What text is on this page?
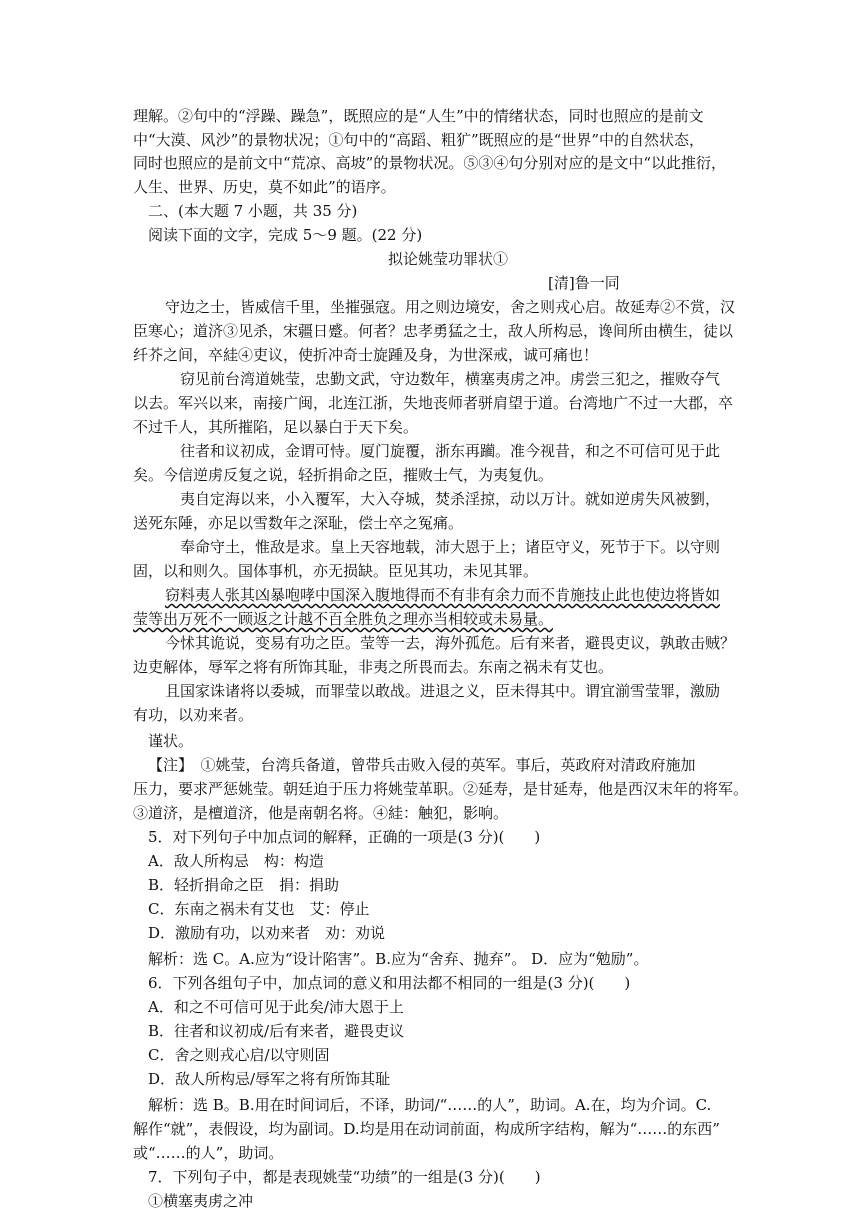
拟论姚莹功罪状①
[清]鲁一同
理解。②句中的“浮躁、躁急”，既照应的是“人生”中的情绪状态，同时也照应的是前文
中“大漠、风沙”的景物状况；①句中的“高蹈、粗犷”既照应的是“世界”中的自然状态，
同时也照应的是前文中“荒凉、高坡”的景物状况。⑤③④句分别对应的是文中“以此推衍，
人生、世界、历史，莫不如此”的语序。
二、(本大题 7 小题，共 35 分)
阅读下面的文字，完成 5～9 题。(22 分)
守边之士，皆威信千里，坐摧强寇。用之则边境安，舍之则戎心启。故延寿②不赏，汉
臣寒心；道济③见杀，宋疆日蹙。何者？忠孝勇猛之士，敌人所构忌，谗间所由横生，徒以
纤芥之间，卒絓④吏议，使折冲奇士旋踵及身，为世深戒，诚可痛也！
窃见前台湾道姚莹，忠勤文武，守边数年，横塞夷虏之冲。虏尝三犯之，摧败夺气
以去。军兴以来，南接广闽，北连江浙，失地丧师者骈肩望于道。台湾地广不过一大郡，卒
不过千人，其所摧陷，足以暴白于天下矣。
往者和议初成，金谓可恃。厦门旋覆，浙东再躏。准今视昔，和之不可信可见于此
矣。今信逆虏反复之说，轻折捐命之臣，摧败士气，为夷复仇。
夷自定海以来，小入覆军，大入夺城，焚杀淫掠，动以万计。就如逆虏失风被劉，
送死东陲，亦足以雪数年之深耻，偿士卒之冤痛。
奉命守土，惟敌是求。皇上天容地载，沛大恩于上；诸臣守义，死节于下。以守则
固，以和则久。国体事机，亦无损缺。臣见其功，未见其罪。
窃料夷人张其凶暴咆哮中国深入腹地得而不有非有余力而不肯施技止此也使边将皆如
莹等出万死不一顾返之计越不百全胜负之理亦当相较或未易量。
今怵其诡说，变易有功之臣。莹等一去，海外孤危。后有来者，避畏吏议，孰敢击贼？
边吏解体，辱军之将有所饰其耻，非夷之所畏而去。东南之祸未有艾也。
且国家诛诸将以委城，而罪莹以敢战。进退之义，臣未得其中。谓宜湔雪莹罪，激励
有功，以劝来者。
谨状。
【注】　①姚莹，台湾兵备道，曾带兵击败入侵的英军。事后，英政府对清政府施加
压力，要求严惩姚莹。朝廷迫于压力将姚莹革职。②延寿，是甘延寿，他是西汉末年的将军。
③道济，是檀道济，他是南朝名将。④絓：触犯，影响。
5．对下列句子中加点词的解释，正确的一项是(3 分)(　　)
A．敌人所构忌　构：构造
B．轻折捐命之臣　捐：捐助
C．东南之祸未有艾也　艾：停止
D．激励有功，以劝来者　劝：劝说
解析：选 C。A.应为“设计陷害”。B.应为“舍弃、抛弃”。 D．应为“勉励”。
6．下列各组句子中，加点词的意义和用法都不相同的一组是(3 分)(　　)
A．和之不可信可见于此矣/沛大恩于上
B．往者和议初成/后有来者，避畏吏议
C．舍之则戎心启/以守则固
D．敌人所构忌/辱军之将有所饰其耻
解析：选 B。B.用在时间词后，不译，助词/“……的人”，助词。A.在，均为介词。C.
解作“就”，表假设，均为副词。D.均是用在动词前面，构成所字结构，解为“……的东西”
或“……的人”，助词。
7．下列句子中，都是表现姚莹“功绩”的一组是(3 分)(　　)
①横塞夷虏之冲
